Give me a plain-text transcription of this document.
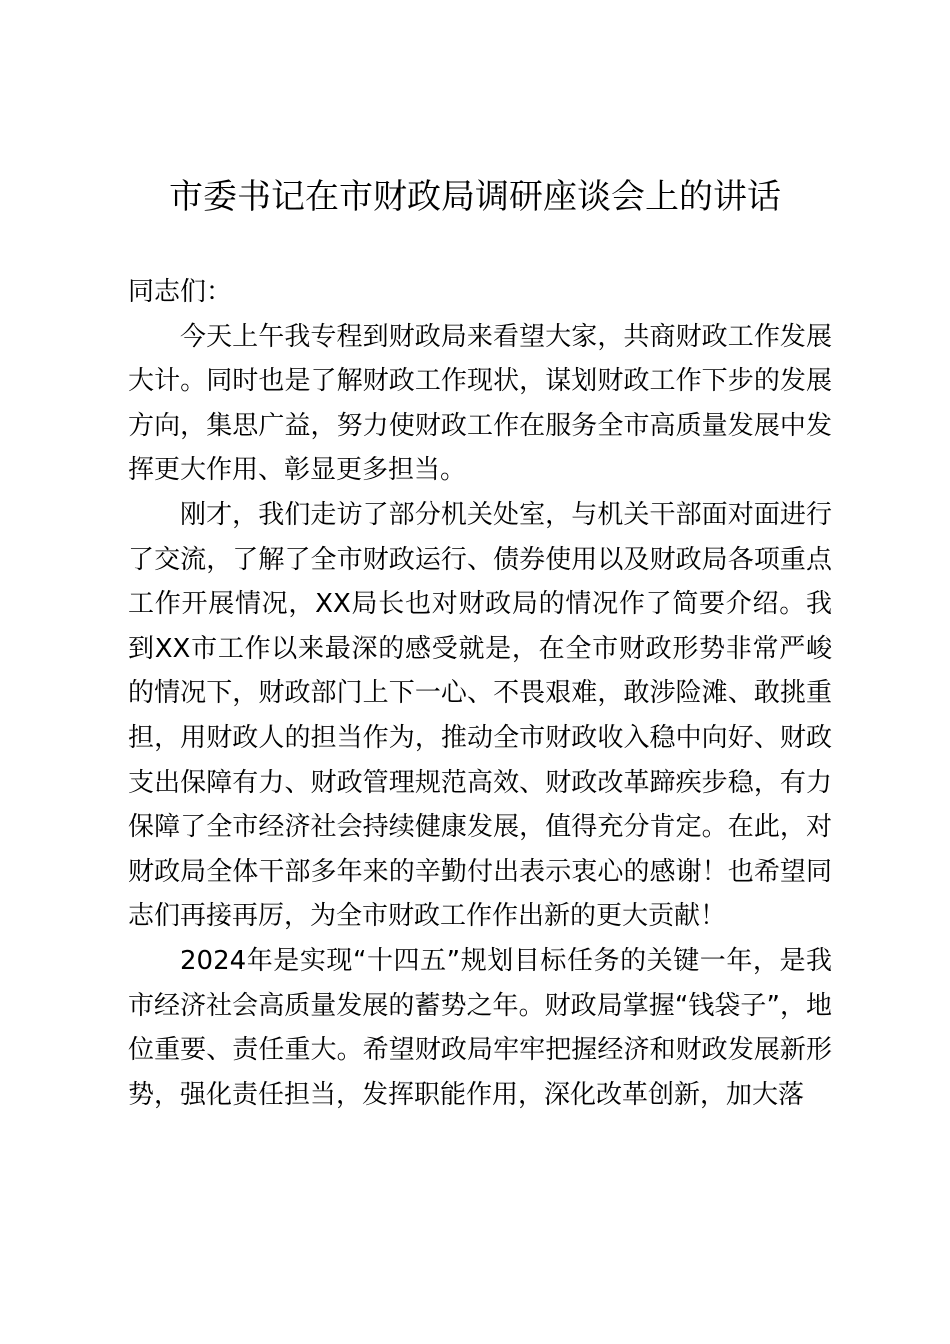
市委书记在市财政局调研座谈会上的讲话

同志们：

今天上午我专程到财政局来看望大家，共商财政工作发展大计。同时也是了解财政工作现状，谋划财政工作下步的发展方向，集思广益，努力使财政工作在服务全市高质量发展中发挥更大作用、彰显更多担当。

刚才，我们走访了部分机关处室，与机关干部面对面进行了交流，了解了全市财政运行、债券使用以及财政局各项重点工作开展情况，XX局长也对财政局的情况作了简要介绍。我到XX市工作以来最深的感受就是，在全市财政形势非常严峻的情况下，财政部门上下一心、不畏艰难，敢涉险滩、敢挑重担，用财政人的担当作为，推动全市财政收入稳中向好、财政支出保障有力、财政管理规范高效、财政改革蹄疾步稳，有力保障了全市经济社会持续健康发展，值得充分肯定。在此，对财政局全体干部多年来的辛勤付出表示衷心的感谢！也希望同志们再接再厉，为全市财政工作作出新的更大贡献！

2024年是实现“十四五”规划目标任务的关键一年，是我市经济社会高质量发展的蓄势之年。财政局掌握“钱袋子”，地位重要、责任重大。希望财政局牢牢把握经济和财政发展新形势，强化责任担当，发挥职能作用，深化改革创新，加大落
